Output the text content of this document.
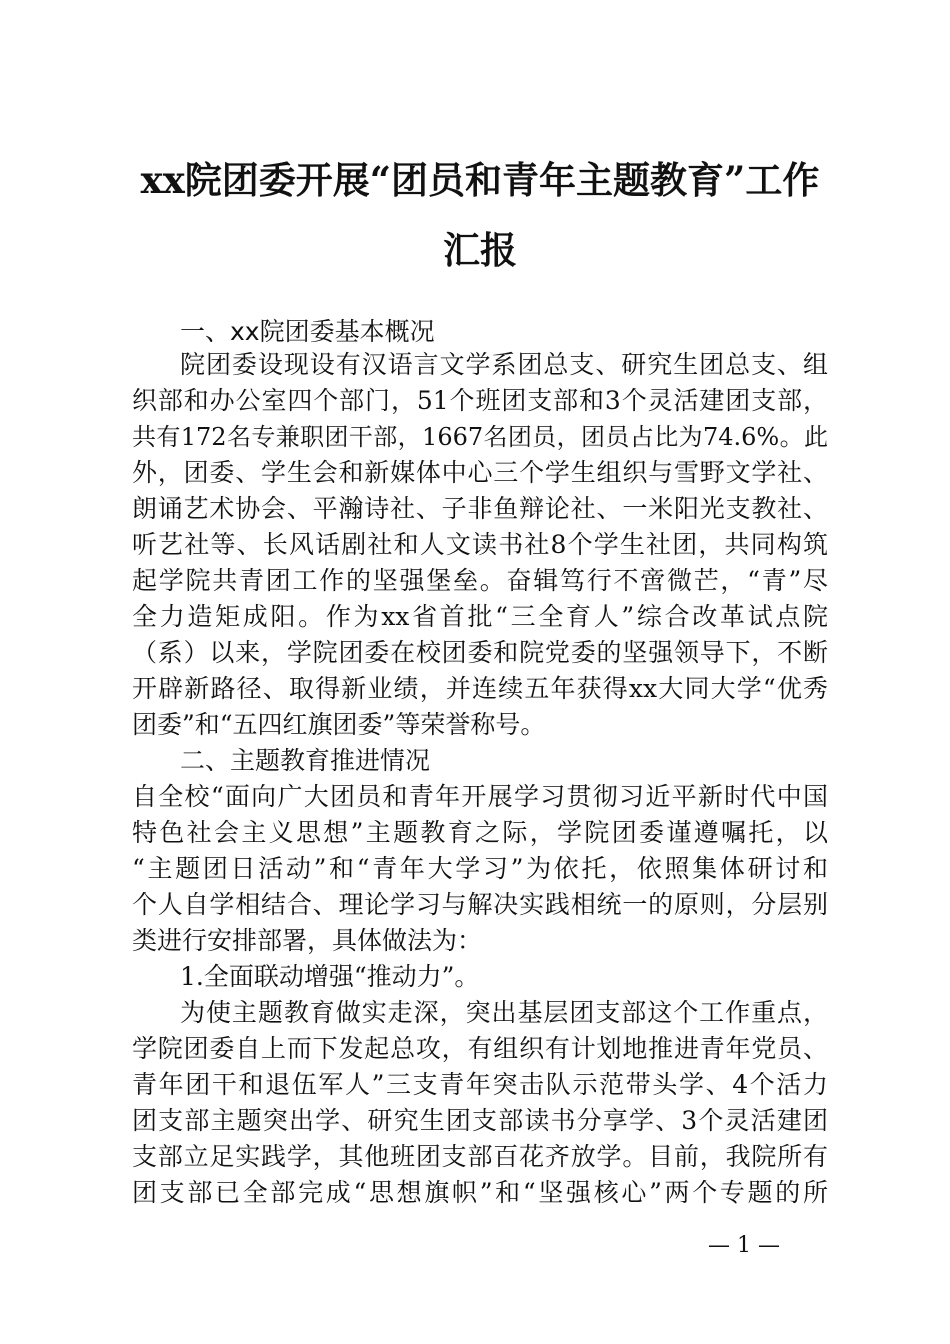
xx院团委开展“团员和青年主题教育”工作
汇报
一、xx院团委基本概况
院团委设现设有汉语言文学系团总支、研究生团总支、组
织部和办公室四个部门，51个班团支部和3个灵活建团支部，
共有172名专兼职团干部，1667名团员，团员占比为74.6%。此
外，团委、学生会和新媒体中心三个学生组织与雪野文学社、
朗诵艺术协会、平瀚诗社、子非鱼辩论社、一米阳光支教社、
听艺社等、长风话剧社和人文读书社8个学生社团，共同构筑
起学院共青团工作的坚强堡垒。奋辑笃行不啻微芒，“青”尽
全力造矩成阳。作为xx省首批“三全育人”综合改革试点院
（系）以来，学院团委在校团委和院党委的坚强领导下，不断
开辟新路径、取得新业绩，并连续五年获得xx大同大学“优秀
团委”和“五四红旗团委”等荣誉称号。
二、主题教育推进情况
自全校“面向广大团员和青年开展学习贯彻习近平新时代中国
特色社会主义思想”主题教育之际，学院团委谨遵嘱托，以
“主题团日活动”和“青年大学习”为依托，依照集体研讨和
个人自学相结合、理论学习与解决实践相统一的原则，分层别
类进行安排部署，具体做法为：
1.全面联动增强“推动力”。
为使主题教育做实走深，突出基层团支部这个工作重点，
学院团委自上而下发起总攻，有组织有计划地推进青年党员、
青年团干和退伍军人”三支青年突击队示范带头学、4个活力
团支部主题突出学、研究生团支部读书分享学、3个灵活建团
支部立足实践学，其他班团支部百花齐放学。目前，我院所有
团支部已全部完成“思想旗帜”和“坚强核心”两个专题的所
— 1 —
